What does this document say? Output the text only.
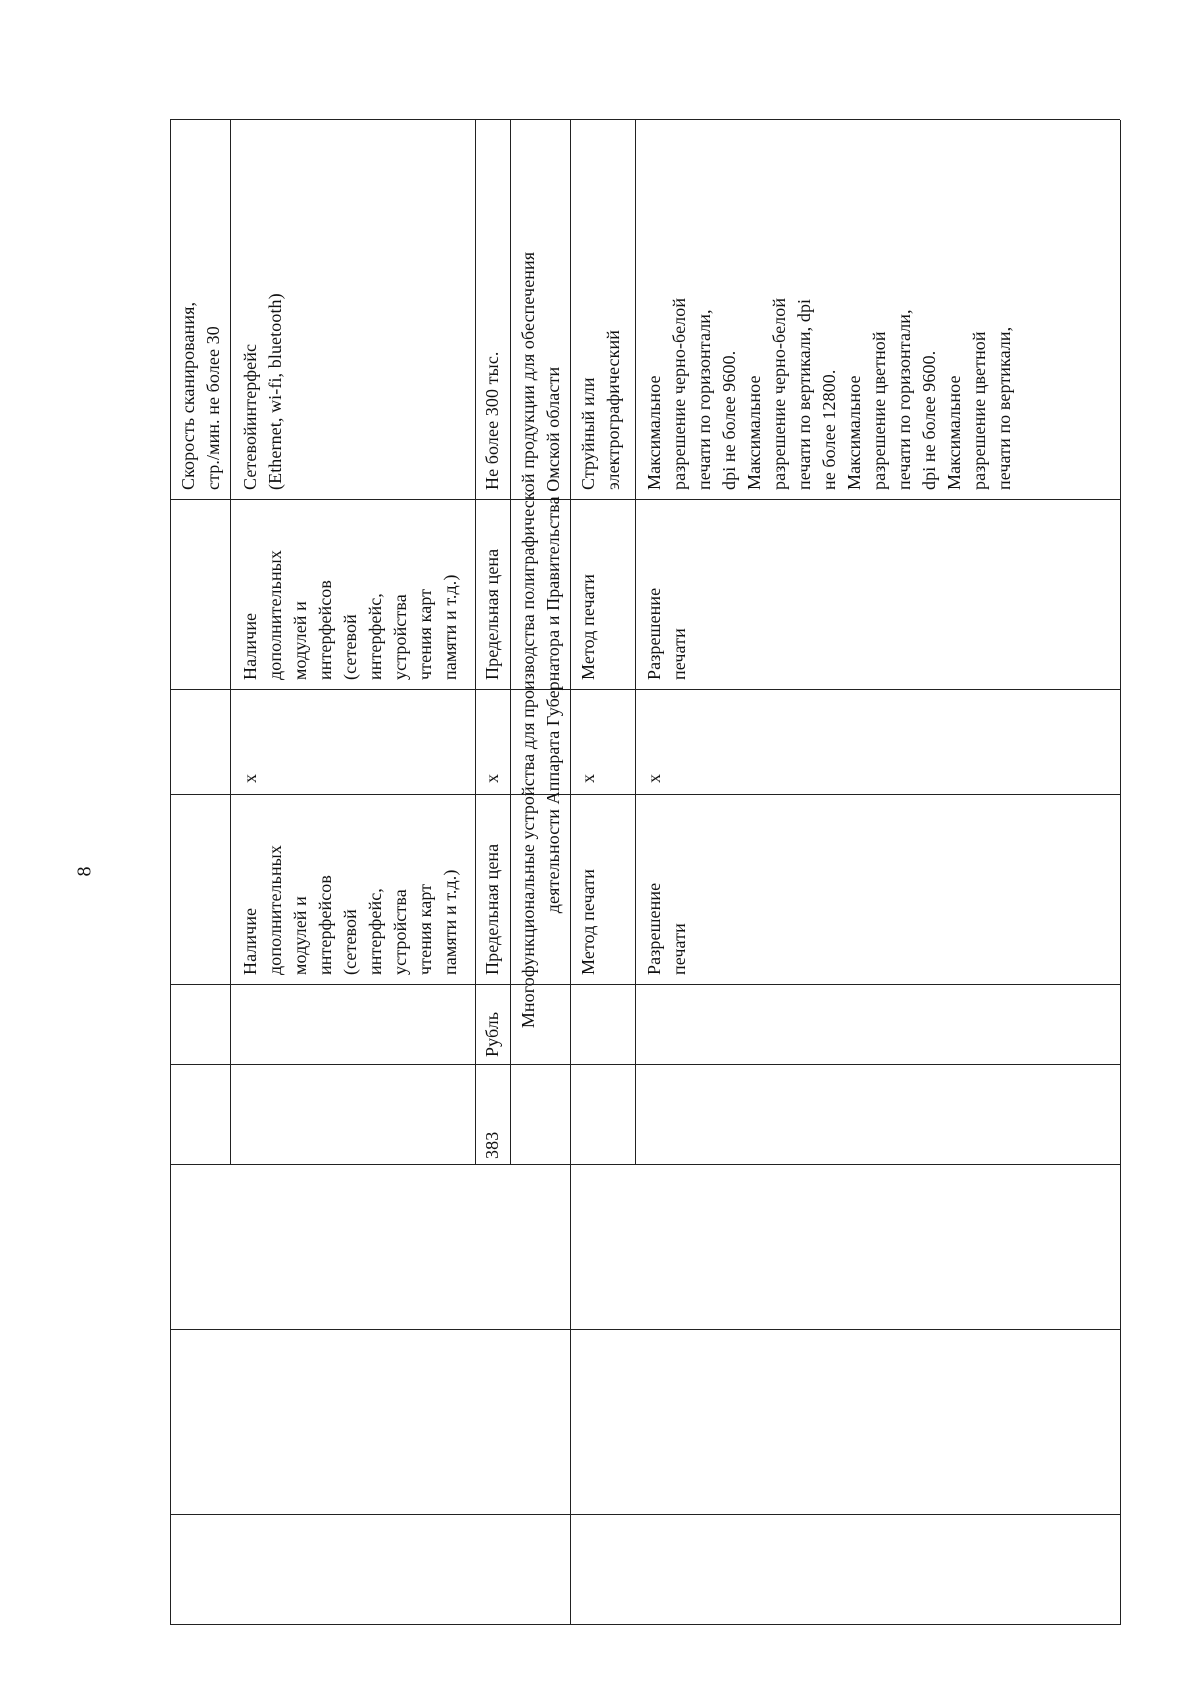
8
Скорость сканирования,
стр./мин. не более 30
Наличие
дополнительных
модулей и
интерфейсов
(сетевой
интерфейс,
устройства
чтения карт
памяти и т.д.)
х
Наличие
дополнительных
модулей и
интерфейсов
(сетевой
интерфейс,
устройства
чтения карт
памяти и т.д.)
Сетевойинтерфейс
(Ethernet, wi-fi, bluetooth)
383
Рубль
Предельная цена
х
Предельная цена
Не более 300 тыс.
Многофункциональные устройства для производства полиграфической продукции для обеспечения
деятельности Аппарата Губернатора и Правительства Омской области
Метод печати
х
Метод печати
Струйный или
электрографический
Разрешение
печати
х
Разрешение
печати
Максимальное
разрешение черно-белой
печати по горизонтали,
dpi не более 9600.
Максимальное
разрешение черно-белой
печати по вертикали, dpi
не более 12800.
Максимальное
разрешение цветной
печати по горизонтали,
dpi не более 9600.
Максимальное
разрешение цветной
печати по вертикали,
